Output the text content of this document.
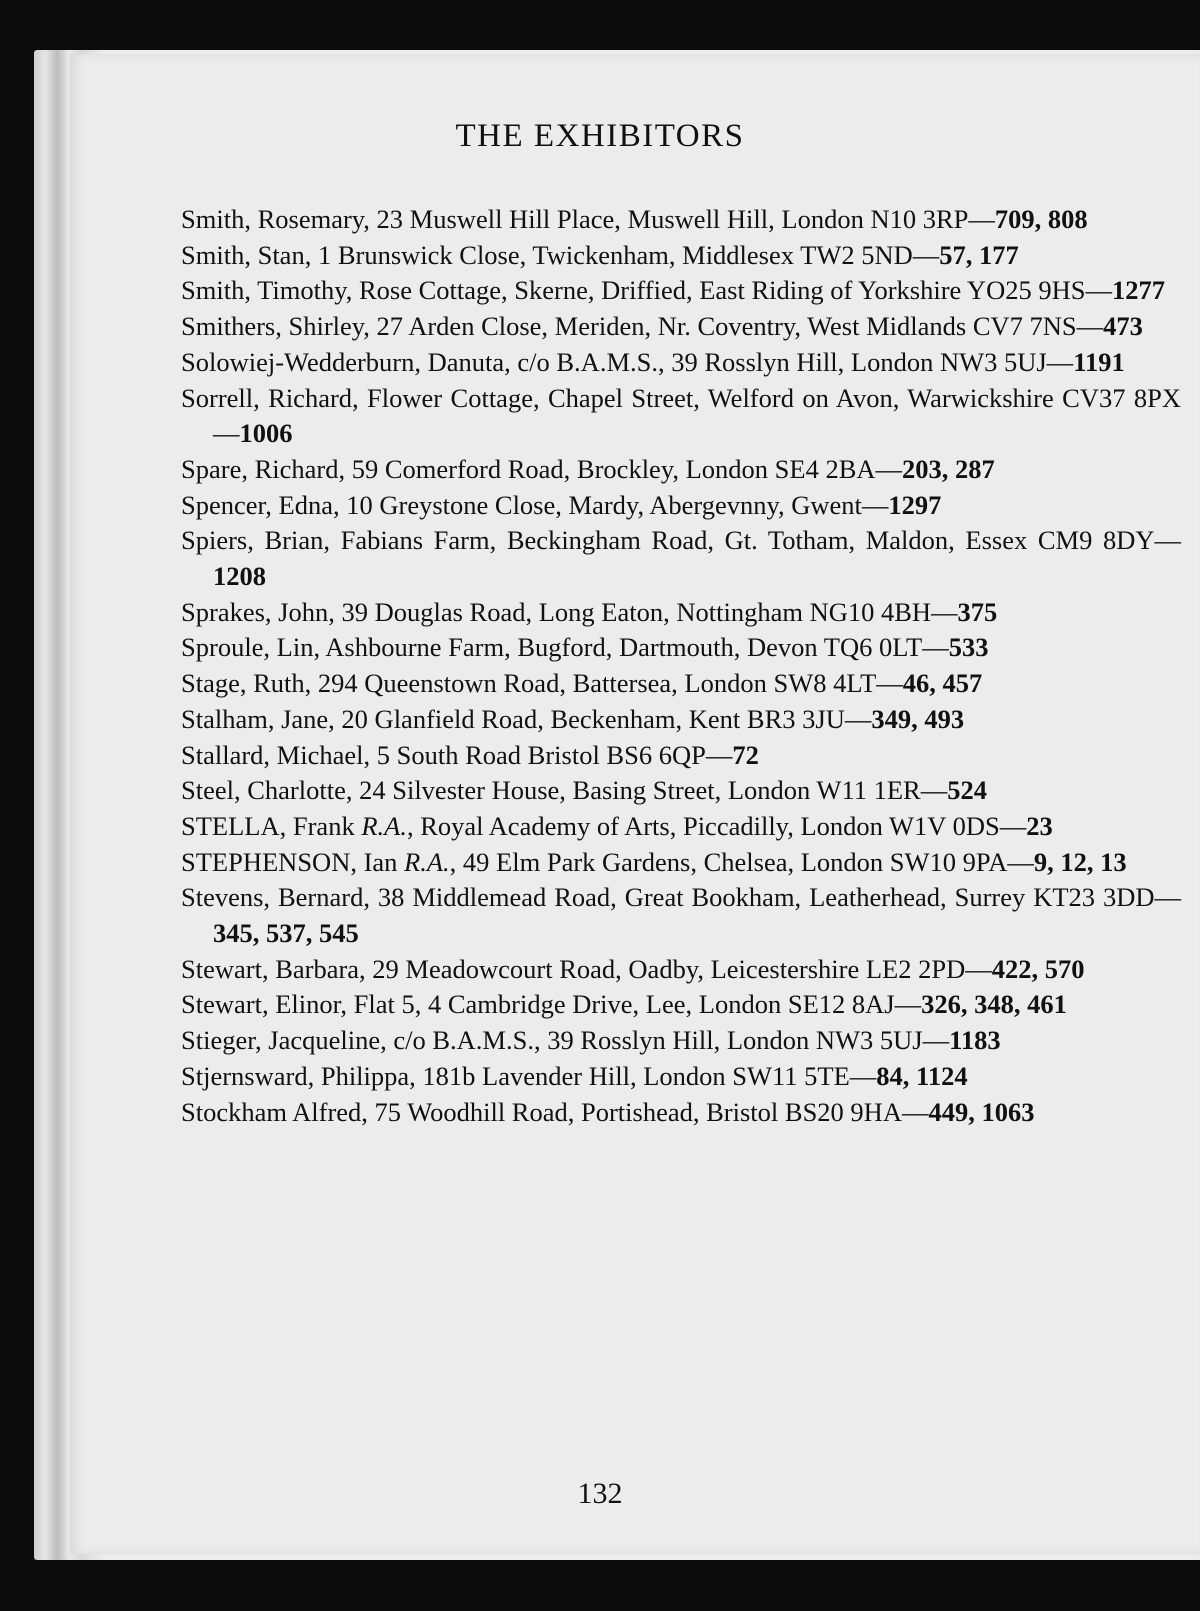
THE EXHIBITORS
Smith, Rosemary, 23 Muswell Hill Place, Muswell Hill, London N10 3RP—709, 808
Smith, Stan, 1 Brunswick Close, Twickenham, Middlesex TW2 5ND—57, 177
Smith, Timothy, Rose Cottage, Skerne, Driffied, East Riding of Yorkshire YO25 9HS—1277
Smithers, Shirley, 27 Arden Close, Meriden, Nr. Coventry, West Midlands CV7 7NS—473
Solowiej-Wedderburn, Danuta, c/o B.A.M.S., 39 Rosslyn Hill, London NW3 5UJ—1191
Sorrell, Richard, Flower Cottage, Chapel Street, Welford on Avon, Warwickshire CV37 8PX—1006
Spare, Richard, 59 Comerford Road, Brockley, London SE4 2BA—203, 287
Spencer, Edna, 10 Greystone Close, Mardy, Abergevnny, Gwent—1297
Spiers, Brian, Fabians Farm, Beckingham Road, Gt. Totham, Maldon, Essex CM9 8DY—1208
Sprakes, John, 39 Douglas Road, Long Eaton, Nottingham NG10 4BH—375
Sproule, Lin, Ashbourne Farm, Bugford, Dartmouth, Devon TQ6 0LT—533
Stage, Ruth, 294 Queenstown Road, Battersea, London SW8 4LT—46, 457
Stalham, Jane, 20 Glanfield Road, Beckenham, Kent BR3 3JU—349, 493
Stallard, Michael, 5 South Road Bristol BS6 6QP—72
Steel, Charlotte, 24 Silvester House, Basing Street, London W11 1ER—524
STELLA, Frank R.A., Royal Academy of Arts, Piccadilly, London W1V 0DS—23
STEPHENSON, Ian R.A., 49 Elm Park Gardens, Chelsea, London SW10 9PA—9, 12, 13
Stevens, Bernard, 38 Middlemead Road, Great Bookham, Leatherhead, Surrey KT23 3DD—345, 537, 545
Stewart, Barbara, 29 Meadowcourt Road, Oadby, Leicestershire LE2 2PD—422, 570
Stewart, Elinor, Flat 5, 4 Cambridge Drive, Lee, London SE12 8AJ—326, 348, 461
Stieger, Jacqueline, c/o B.A.M.S., 39 Rosslyn Hill, London NW3 5UJ—1183
Stjernsward, Philippa, 181b Lavender Hill, London SW11 5TE—84, 1124
Stockham Alfred, 75 Woodhill Road, Portishead, Bristol BS20 9HA—449, 1063
132
